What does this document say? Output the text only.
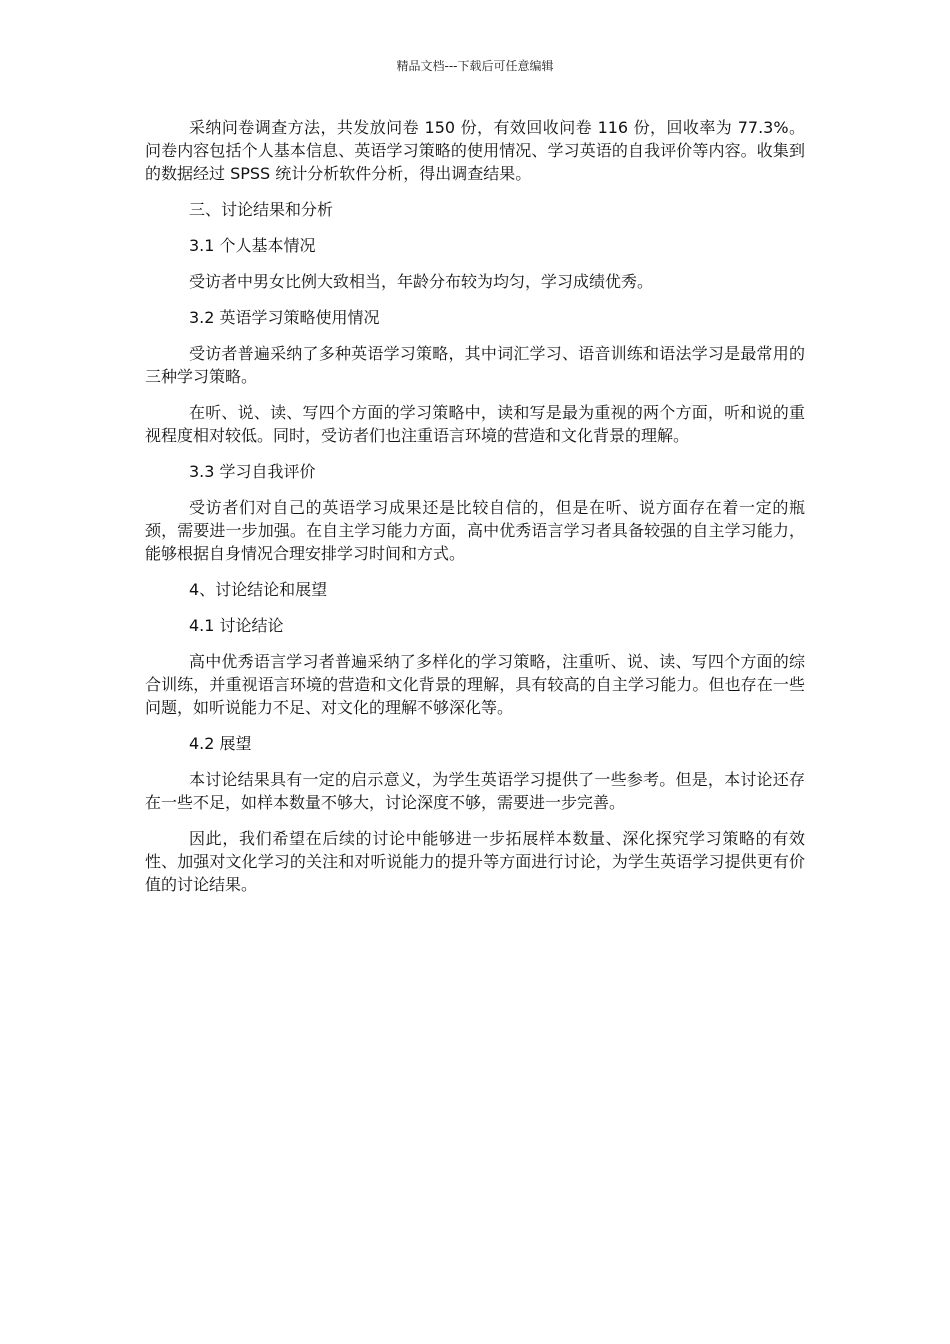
精品文档---下载后可任意编辑

采纳问卷调查方法，共发放问卷 150 份，有效回收问卷 116 份，回收率为 77.3%。问卷内容包括个人基本信息、英语学习策略的使用情况、学习英语的自我评价等内容。收集到的数据经过 SPSS 统计分析软件分析，得出调查结果。

三、讨论结果和分析

3.1 个人基本情况

受访者中男女比例大致相当，年龄分布较为均匀，学习成绩优秀。

3.2 英语学习策略使用情况

受访者普遍采纳了多种英语学习策略，其中词汇学习、语音训练和语法学习是最常用的三种学习策略。

在听、说、读、写四个方面的学习策略中，读和写是最为重视的两个方面，听和说的重视程度相对较低。同时，受访者们也注重语言环境的营造和文化背景的理解。

3.3 学习自我评价

受访者们对自己的英语学习成果还是比较自信的，但是在听、说方面存在着一定的瓶颈，需要进一步加强。在自主学习能力方面，高中优秀语言学习者具备较强的自主学习能力，能够根据自身情况合理安排学习时间和方式。

4、讨论结论和展望

4.1 讨论结论

高中优秀语言学习者普遍采纳了多样化的学习策略，注重听、说、读、写四个方面的综合训练，并重视语言环境的营造和文化背景的理解，具有较高的自主学习能力。但也存在一些问题，如听说能力不足、对文化的理解不够深化等。

4.2 展望

本讨论结果具有一定的启示意义，为学生英语学习提供了一些参考。但是，本讨论还存在一些不足，如样本数量不够大，讨论深度不够，需要进一步完善。

因此，我们希望在后续的讨论中能够进一步拓展样本数量、深化探究学习策略的有效性、加强对文化学习的关注和对听说能力的提升等方面进行讨论，为学生英语学习提供更有价值的讨论结果。
